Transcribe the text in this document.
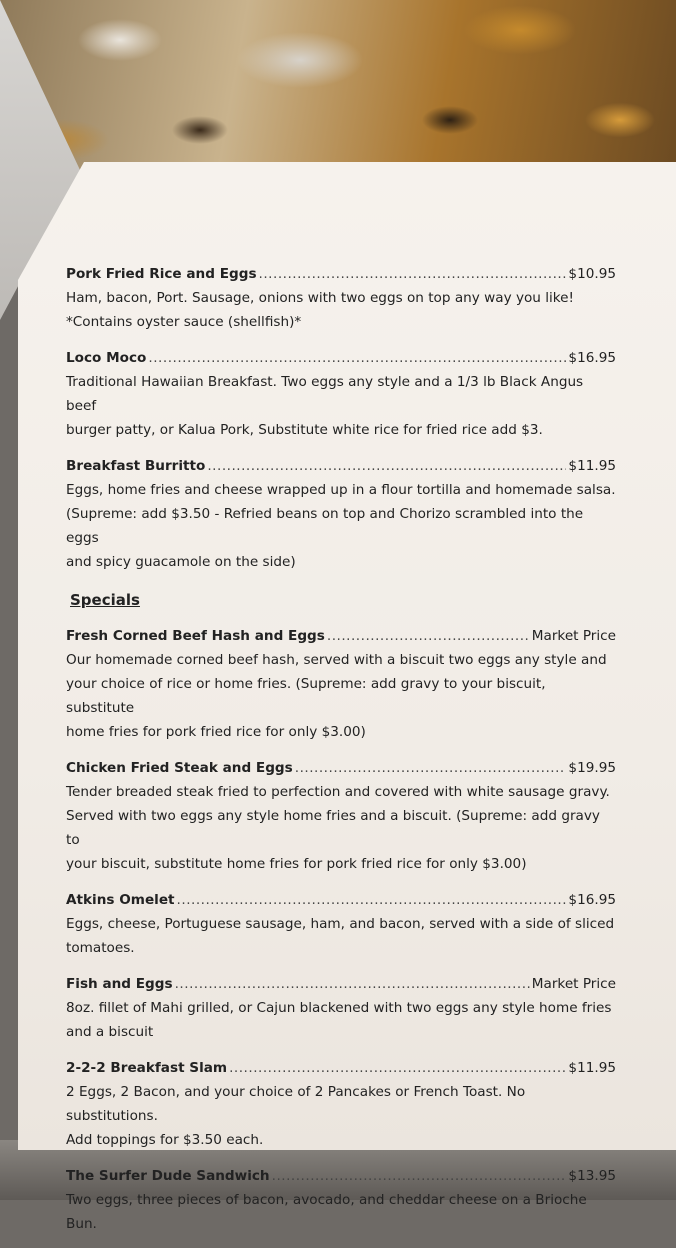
Pork Fried Rice and Eggs .....	$10.95
Ham, bacon, Port. Sausage, onions with two eggs on top any way you like!
*Contains oyster sauce (shellfish)*
Loco Moco .....	$16.95
Traditional Hawaiian Breakfast. Two eggs any style and a 1/3 lb Black Angus beef
burger patty, or Kalua Pork, Substitute white rice for fried rice add $3.
Breakfast Burritto .....	$11.95
Eggs, home fries and cheese wrapped up in a flour tortilla and homemade salsa.
(Supreme: add $3.50 - Refried beans on top and Chorizo scrambled into the eggs
and spicy guacamole on the side)
Specials
Fresh Corned Beef Hash and Eggs .....	Market Price
Our homemade corned beef hash, served with a biscuit two eggs any style and
your choice of rice or home fries. (Supreme: add gravy to your biscuit, substitute
home fries for pork fried rice for only $3.00)
Chicken Fried Steak and Eggs .....	$19.95
Tender breaded steak fried to perfection and covered with white sausage gravy.
Served with two eggs any style home fries and a biscuit. (Supreme: add gravy to
your biscuit, substitute home fries for pork fried rice for only $3.00)
Atkins Omelet .....	$16.95
Eggs, cheese, Portuguese sausage, ham, and bacon, served with a side of sliced
tomatoes.
Fish and Eggs .....	Market Price
8oz. fillet of Mahi grilled, or Cajun blackened with two eggs any style home fries
and a biscuit
2-2-2 Breakfast Slam .....	$11.95
2 Eggs, 2 Bacon, and your choice of 2 Pancakes or French Toast. No substitutions.
Add toppings for $3.50 each.
The Surfer Dude Sandwich .....	$13.95
Two eggs, three pieces of bacon, avocado, and cheddar cheese on a Brioche Bun.
